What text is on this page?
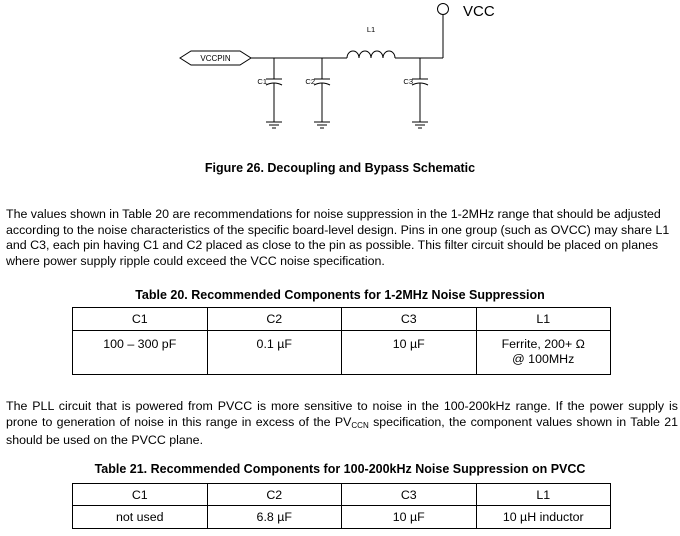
VCC
VCCPIN
L1
C1	C2	C3
Figure 26. Decoupling and Bypass Schematic

The values shown in Table 20 are recommendations for noise suppression in the 1-2MHz range that should be adjusted according to the noise characteristics of the specific board-level design. Pins in one group (such as OVCC) may share L1 and C3, each pin having C1 and C2 placed as close to the pin as possible. This filter circuit should be placed on planes where power supply ripple could exceed the VCC noise specification.

Table 20. Recommended Components for 1-2MHz Noise Suppression
C1	C2	C3	L1
100 – 300 pF	0.1 µF	10 µF	Ferrite, 200+ Ω
@ 100MHz

The PLL circuit that is powered from PVCC is more sensitive to noise in the 100-200kHz range. If the power supply is prone to generation of noise in this range in excess of the $PV_{CCN}$ specification, the component values shown in Table 21 should be used on the PVCC plane.

Table 21. Recommended Components for 100-200kHz Noise Suppression on PVCC
C1	C2	C3	L1
not used	6.8 µF	10 µF	10 µH inductor
